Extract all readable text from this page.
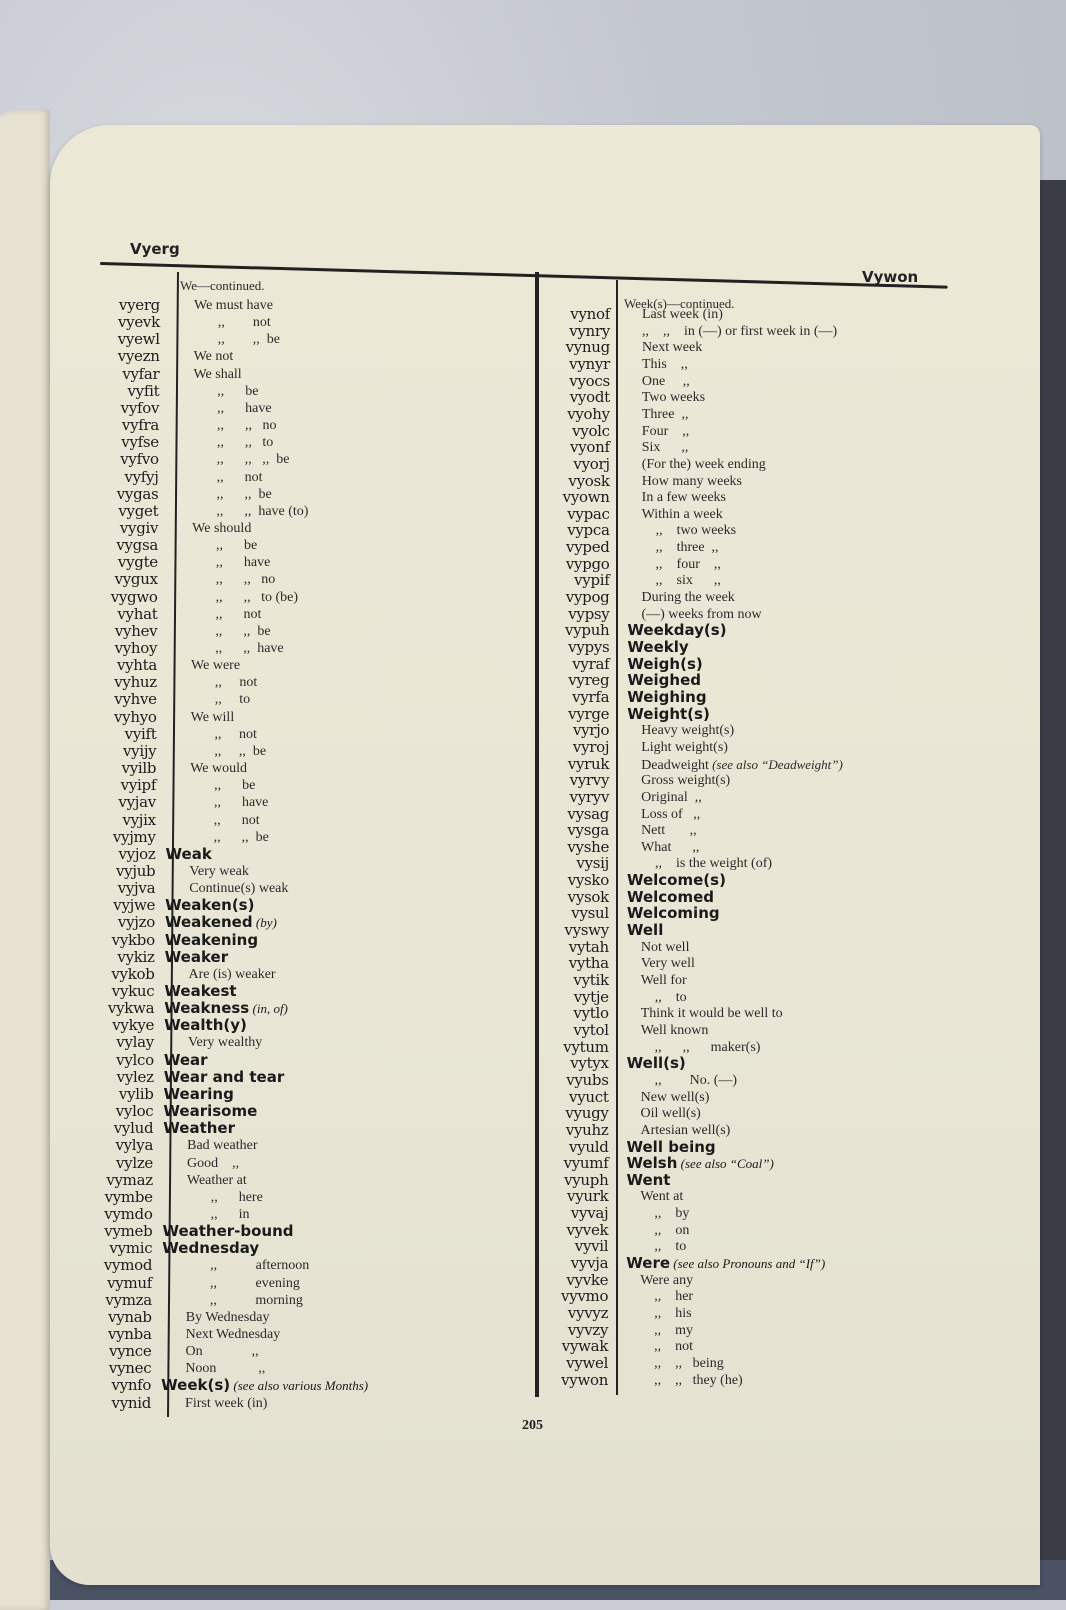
Vyerg
Vywon
We—continued.
vyerg We must have
vyevk	,,        not
vyewl	,,        ,,  be
vyezn We not
vyfar We shall
vyfit	,,      be
vyfov	,,      have
vyfra	,,      ,,   no
vyfse	,,      ,,   to
vyfvo	,,      ,,   ,,  be
vyfyj	,,      not
vygas	,,      ,,  be
vyget	,,      ,,  have (to)
vygiv We should
vygsa	,,      be
vygte	,,      have
vygux	,,      ,,   no
vygwo	,,      ,,   to (be)
vyhat	,,      not
vyhev	,,      ,,  be
vyhoy	,,      ,,  have
vyhta We were
vyhuz	,,     not
vyhve	,,     to
vyhyo We will
vyift	,,     not
vyijy	,,     ,,  be
vyilb We would
vyipf	,,      be
vyjav	,,      have
vyjix	,,      not
vyjmy	,,      ,,  be
vyjoz Weak
vyjub Very weak
vyjva Continue(s) weak
vyjwe Weaken(s)
vyjzo Weakened (by)
vykbo Weakening
vykiz Weaker
vykob Are (is) weaker
vykuc Weakest
vykwa Weakness (in, of)
vykye Wealth(y)
vylay Very wealthy
vylco Wear
vylez Wear and tear
vylib Wearing
vyloc Wearisome
vylud Weather
vylya Bad weather
vylze Good    ,,
vymaz Weather at
vymbe	,,      here
vymdo	,,      in
vymeb Weather-bound
vymic Wednesday
vymod	,,           afternoon
vymuf	,,           evening
vymza	,,           morning
vynab By Wednesday
vynba Next Wednesday
vynce On              ,,
vynec Noon            ,,
vynfo Week(s) (see also various Months)
vynid First week (in)
Week(s)—continued.
vynof Last week (in)
vynry ,,    ,,    in (—) or first week in (—)
vynug Next week
vynyr This    ,,
vyocs One     ,,
vyodt Two weeks
vyohy Three  ,,
vyolc Four    ,,
vyonf Six      ,,
vyorj (For the) week ending
vyosk How many weeks
vyown In a few weeks
vypac Within a week
vypca	,,    two weeks
vyped	,,    three  ,,
vypgo	,,    four    ,,
vypif	,,    six      ,,
vypog During the week
vypsy (—) weeks from now
vypuh Weekday(s)
vypys Weekly
vyraf Weigh(s)
vyreg Weighed
vyrfa Weighing
vyrge Weight(s)
vyrjo Heavy weight(s)
vyroj Light weight(s)
vyruk Deadweight (see also “Deadweight”)
vyrvy Gross weight(s)
vyryv Original  ,,
vysag Loss of   ,,
vysga Nett       ,,
vyshe What      ,,
vysij	,,    is the weight (of)
vysko Welcome(s)
vysok Welcomed
vysul Welcoming
vyswy Well
vytah Not well
vytha Very well
vytik Well for
vytje	,,    to
vytlo Think it would be well to
vytol Well known
vytum	,,      ,,      maker(s)
vytyx Well(s)
vyubs	,,        No. (—)
vyuct New well(s)
vyugy Oil well(s)
vyuhz Artesian well(s)
vyuld Well being
vyumf Welsh (see also “Coal”)
vyuph Went
vyurk Went at
vyvaj	,,    by
vyvek	,,    on
vyvil	,,    to
vyvja Were (see also Pronouns and “If”)
vyvke Were any
vyvmo	,,    her
vyvyz	,,    his
vyvzy	,,    my
vywak	,,    not
vywel	,,    ,,   being
vywon	,,    ,,   they (he)
205
